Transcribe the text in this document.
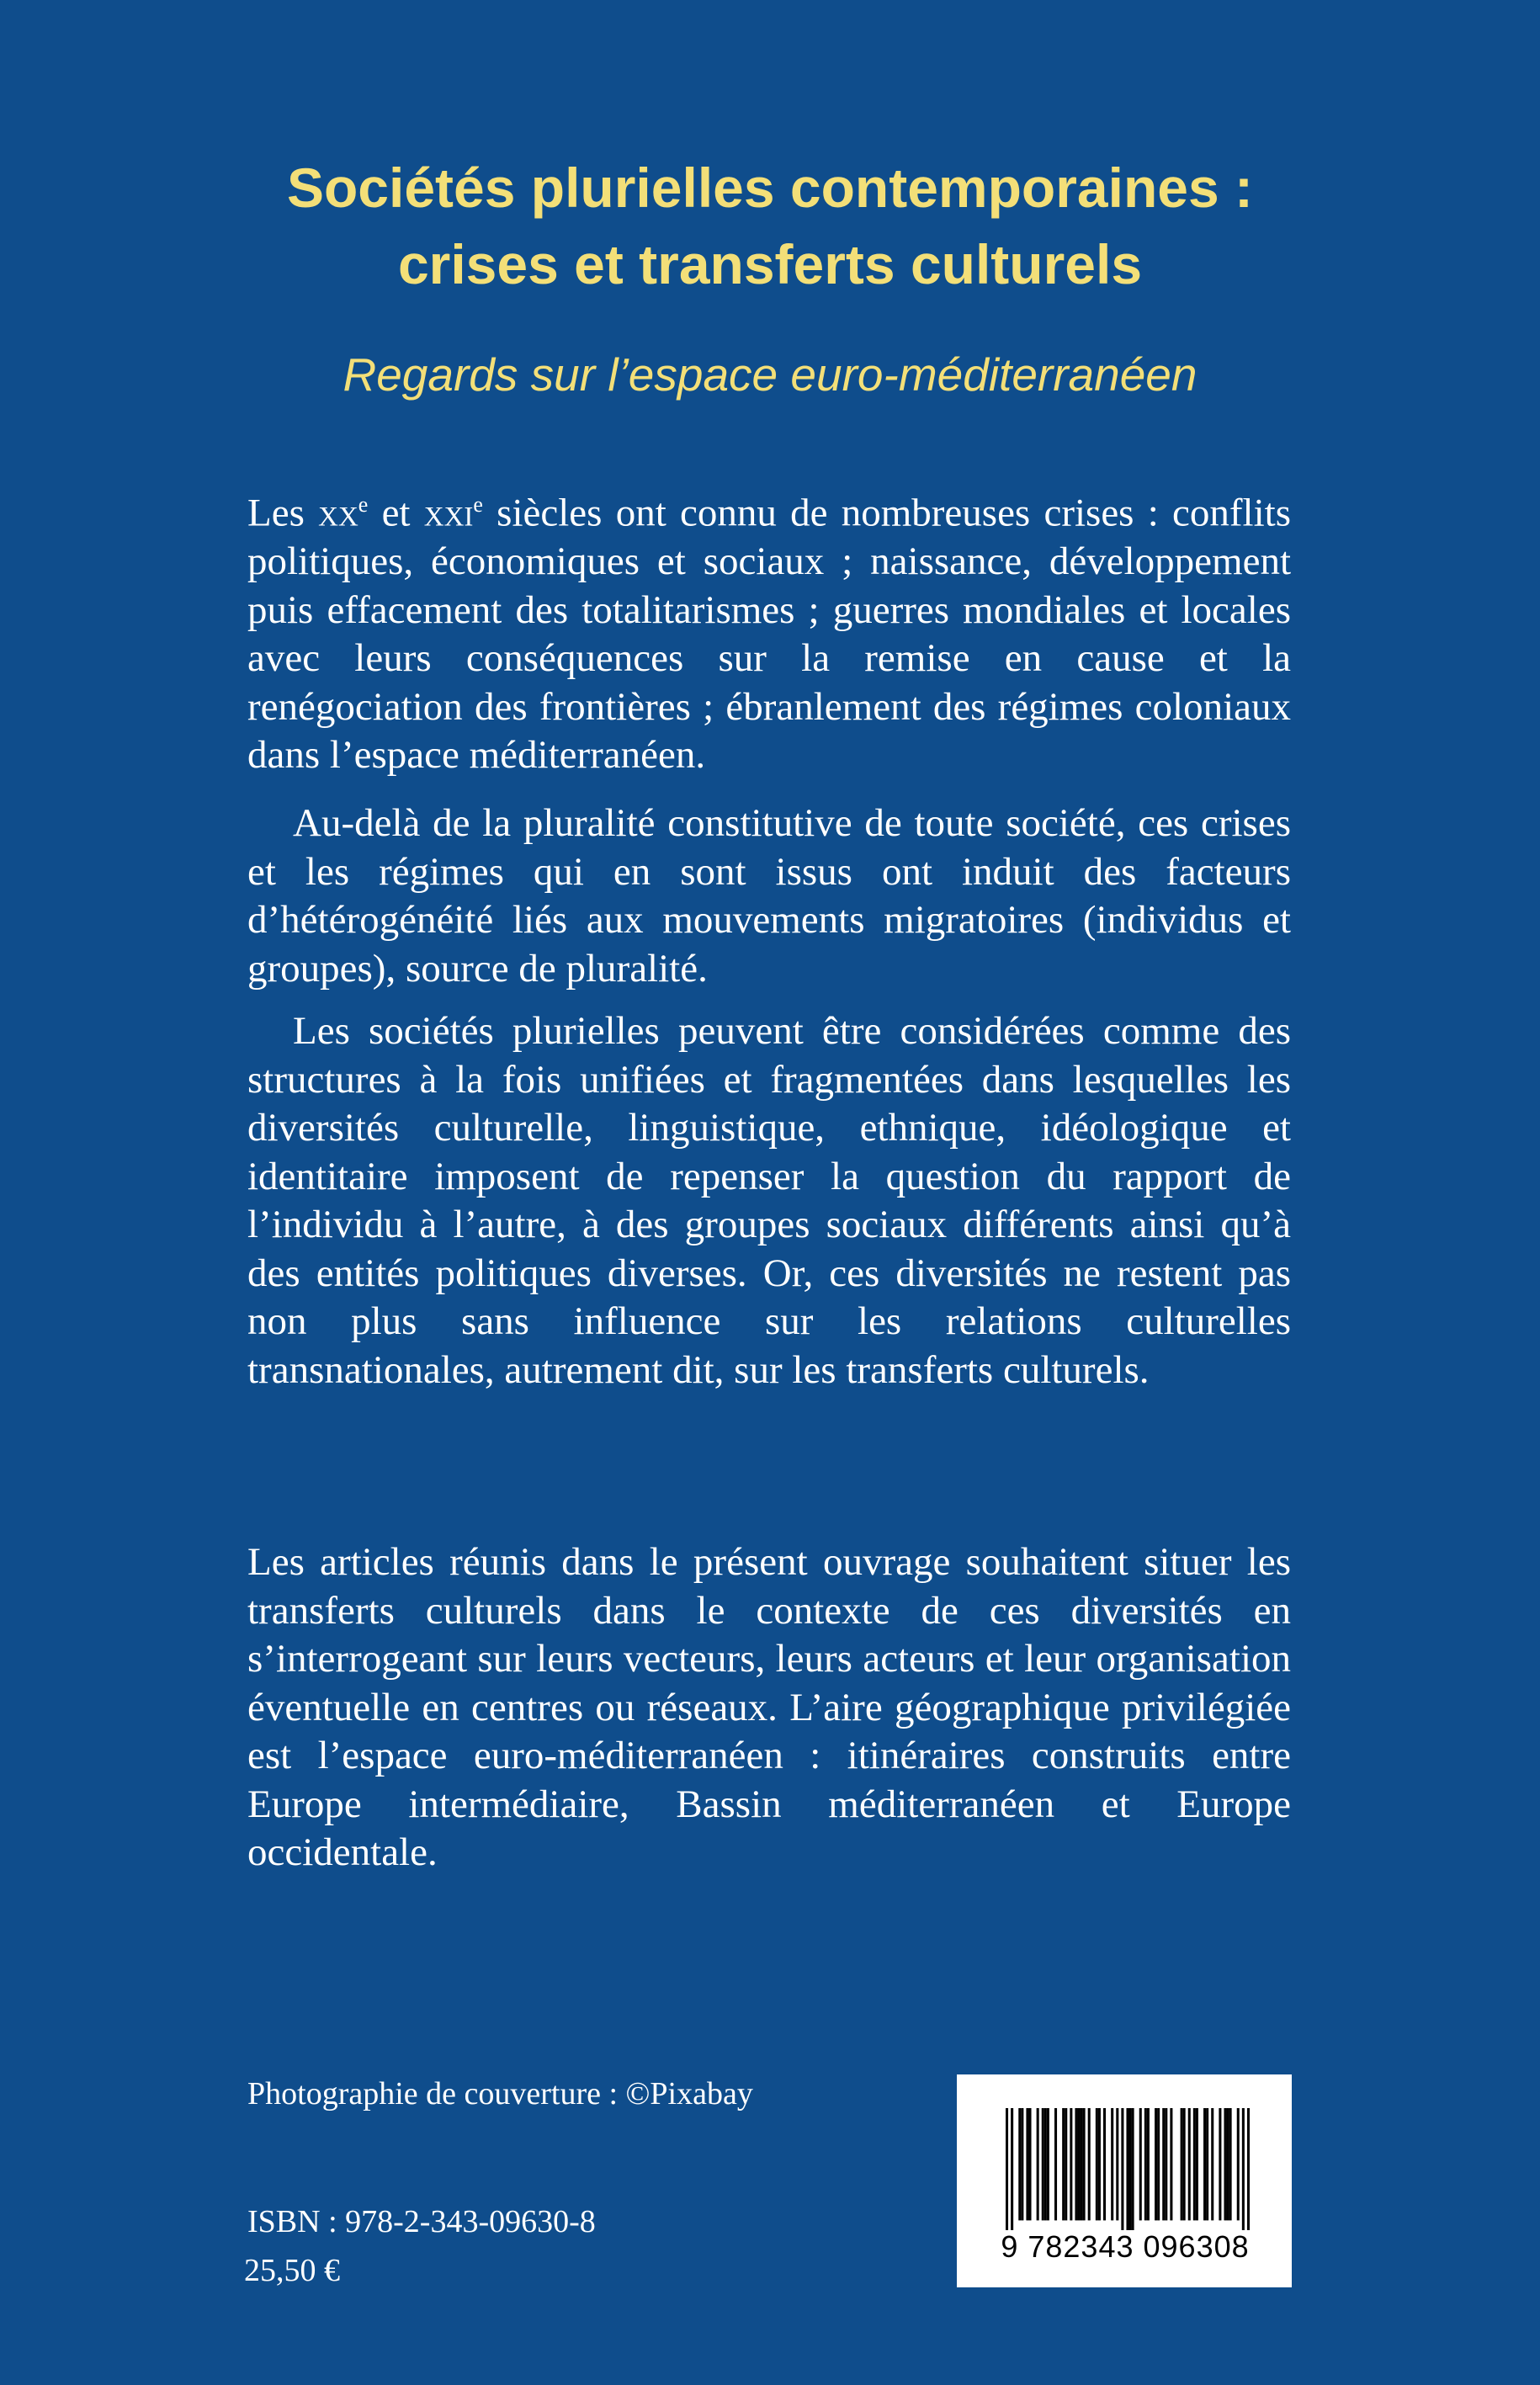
Sociétés plurielles contemporaines :
crises et transferts culturels

Regards sur l’espace euro-méditerranéen

Les $xx^e$ et xxi$^e$ siècles ont connu de nombreuses crises : conflits politiques, économiques et sociaux ; naissance, développement puis effacement des totalitarismes ; guerres mondiales et locales avec leurs conséquences sur la remise en cause et la renégociation des frontières ; ébranlement des régimes coloniaux dans l’espace méditerranéen.

Au-delà de la pluralité constitutive de toute société, ces crises et les régimes qui en sont issus ont induit des facteurs d’hétérogénéité liés aux mouvements migratoires (individus et groupes), source de pluralité.

Les sociétés plurielles peuvent être considérées comme des structures à la fois unifiées et fragmentées dans lesquelles les diversités culturelle, linguistique, ethnique, idéologique et identitaire imposent de repenser la question du rapport de l’individu à l’autre, à des groupes sociaux différents ainsi qu’à des entités politiques diverses. Or, ces diversités ne restent pas non plus sans influence sur les relations culturelles transnationales, autrement dit, sur les transferts culturels.

Les articles réunis dans le présent ouvrage souhaitent situer les transferts culturels dans le contexte de ces diversités en s’interrogeant sur leurs vecteurs, leurs acteurs et leur organisation éventuelle en centres ou réseaux. L’aire géographique privilégiée est l’espace euro-méditerranéen : itinéraires construits entre Europe intermédiaire, Bassin méditerranéen et Europe occidentale.

Photographie de couverture : ©Pixabay

ISBN : 978-2-343-09630-8

25,50 €

9 782343 096308
